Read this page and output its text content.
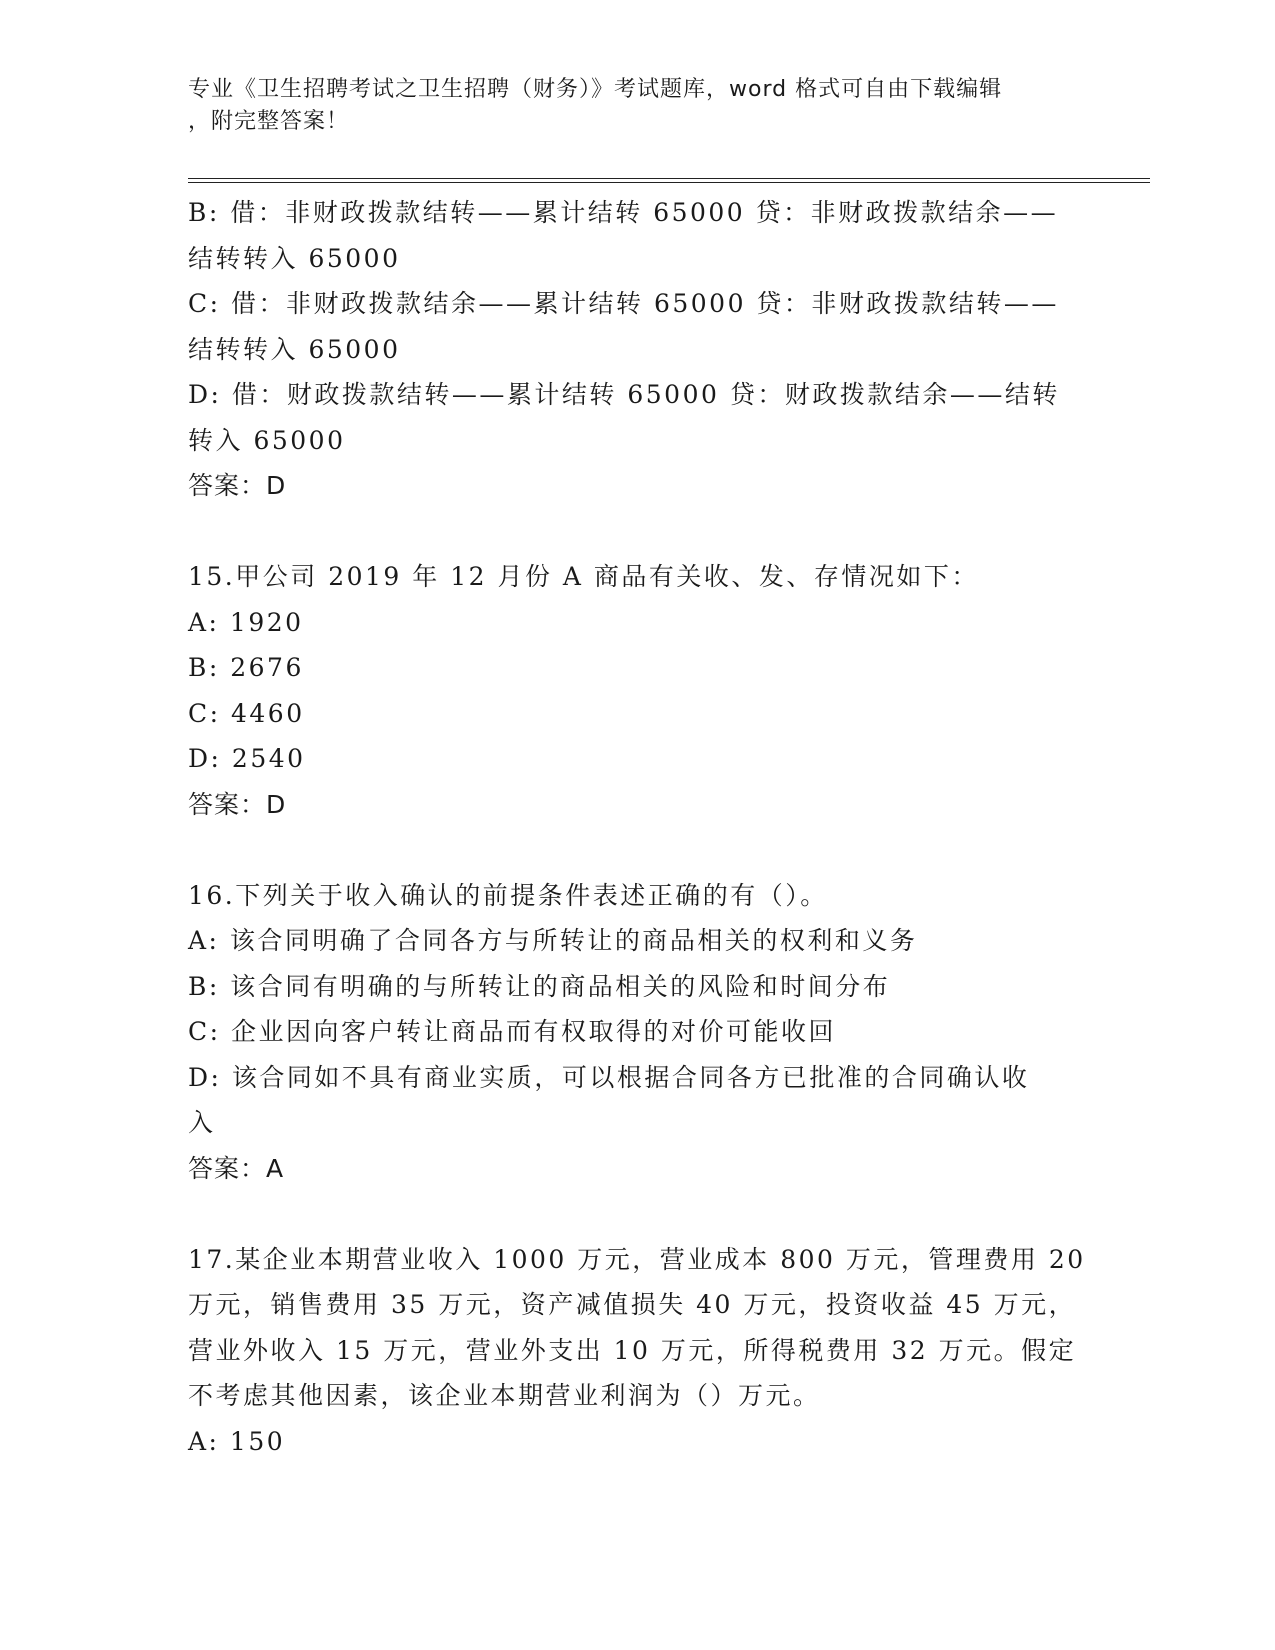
专业《卫生招聘考试之卫生招聘（财务）》考试题库，word 格式可自由下载编辑
，附完整答案！
B: 借：非财政拨款结转——累计结转 65000 贷：非财政拨款结余——
结转转入 65000
C: 借：非财政拨款结余——累计结转 65000 贷：非财政拨款结转——
结转转入 65000
D: 借：财政拨款结转——累计结转 65000 贷：财政拨款结余——结转
转入 65000
答案：D
15.甲公司 2019 年 12 月份 A 商品有关收、发、存情况如下：
A: 1920
B: 2676
C: 4460
D: 2540
答案：D
16.下列关于收入确认的前提条件表述正确的有（）。
A: 该合同明确了合同各方与所转让的商品相关的权利和义务
B: 该合同有明确的与所转让的商品相关的风险和时间分布
C: 企业因向客户转让商品而有权取得的对价可能收回
D: 该合同如不具有商业实质，可以根据合同各方已批准的合同确认收
入
答案：A
17.某企业本期营业收入 1000 万元，营业成本 800 万元，管理费用 20
万元，销售费用 35 万元，资产减值损失 40 万元，投资收益 45 万元，
营业外收入 15 万元，营业外支出 10 万元，所得税费用 32 万元。假定
不考虑其他因素，该企业本期营业利润为（）万元。
A: 150
